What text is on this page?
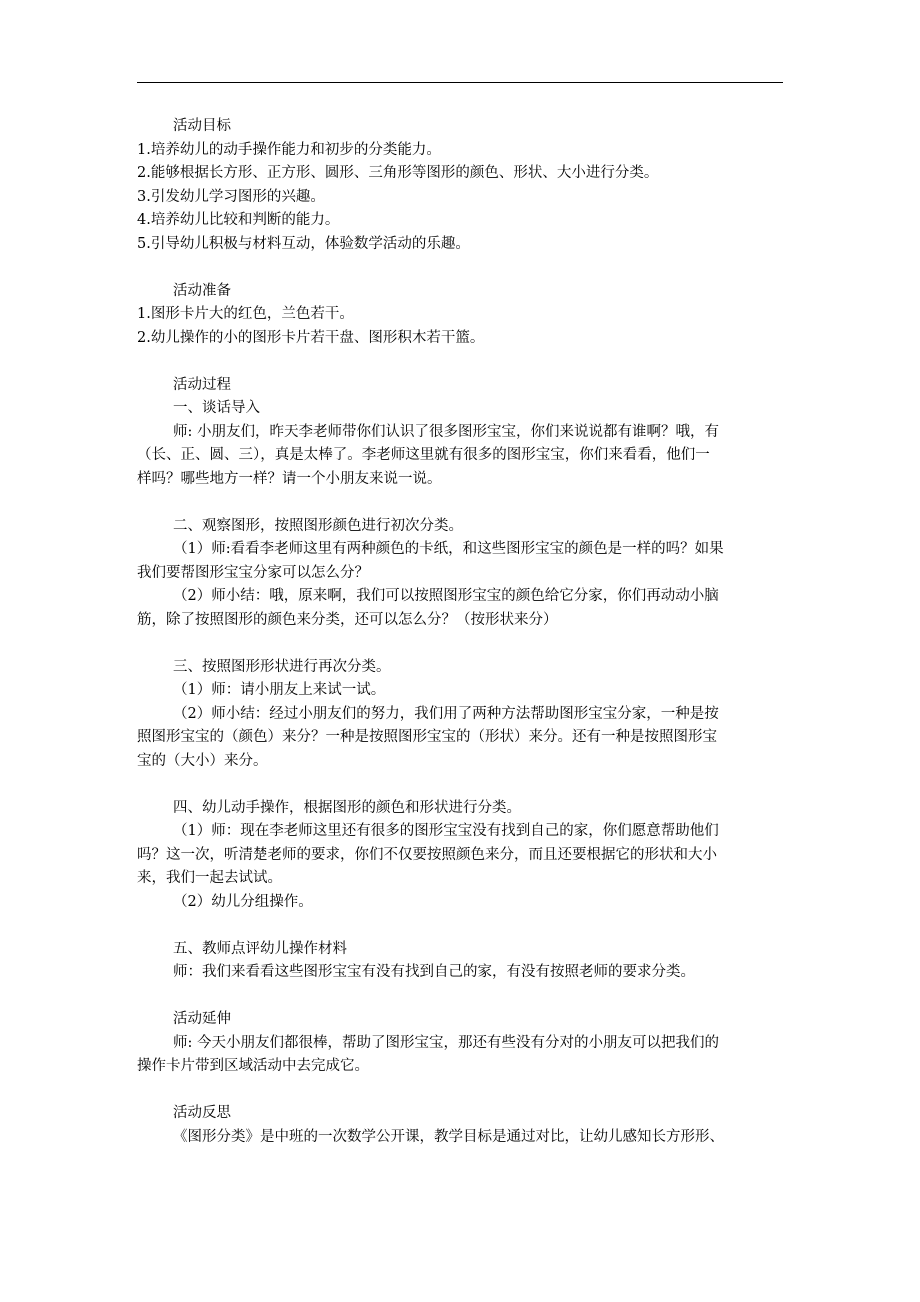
活动目标
1.培养幼儿的动手操作能力和初步的分类能力。
2.能够根据长方形、正方形、圆形、三角形等图形的颜色、形状、大小进行分类。
3.引发幼儿学习图形的兴趣。
4.培养幼儿比较和判断的能力。
5.引导幼儿积极与材料互动，体验数学活动的乐趣。
活动准备
1.图形卡片大的红色，兰色若干。
2.幼儿操作的小的图形卡片若干盘、图形积木若干篮。
活动过程
一、谈话导入
师: 小朋友们，昨天李老师带你们认识了很多图形宝宝，你们来说说都有谁啊？哦，有
（长、正、圆、三），真是太棒了。李老师这里就有很多的图形宝宝，你们来看看，他们一
样吗？哪些地方一样？请一个小朋友来说一说。
二、观察图形，按照图形颜色进行初次分类。
（1）师:看看李老师这里有两种颜色的卡纸，和这些图形宝宝的颜色是一样的吗？如果
我们要帮图形宝宝分家可以怎么分？
（2）师小结：哦，原来啊，我们可以按照图形宝宝的颜色给它分家，你们再动动小脑
筋，除了按照图形的颜色来分类，还可以怎么分？（按形状来分）
三、按照图形形状进行再次分类。
（1）师：请小朋友上来试一试。
（2）师小结：经过小朋友们的努力，我们用了两种方法帮助图形宝宝分家，一种是按
照图形宝宝的（颜色）来分？一种是按照图形宝宝的（形状）来分。还有一种是按照图形宝
宝的（大小）来分。
四、幼儿动手操作，根据图形的颜色和形状进行分类。
（1）师：现在李老师这里还有很多的图形宝宝没有找到自己的家，你们愿意帮助他们
吗？这一次，听清楚老师的要求，你们不仅要按照颜色来分，而且还要根据它的形状和大小
来，我们一起去试试。
（2）幼儿分组操作。
五、教师点评幼儿操作材料
师：我们来看看这些图形宝宝有没有找到自己的家，有没有按照老师的要求分类。
活动延伸
师: 今天小朋友们都很棒，帮助了图形宝宝，那还有些没有分对的小朋友可以把我们的
操作卡片带到区域活动中去完成它。
活动反思
《图形分类》是中班的一次数学公开课，教学目标是通过对比，让幼儿感知长方形形、
